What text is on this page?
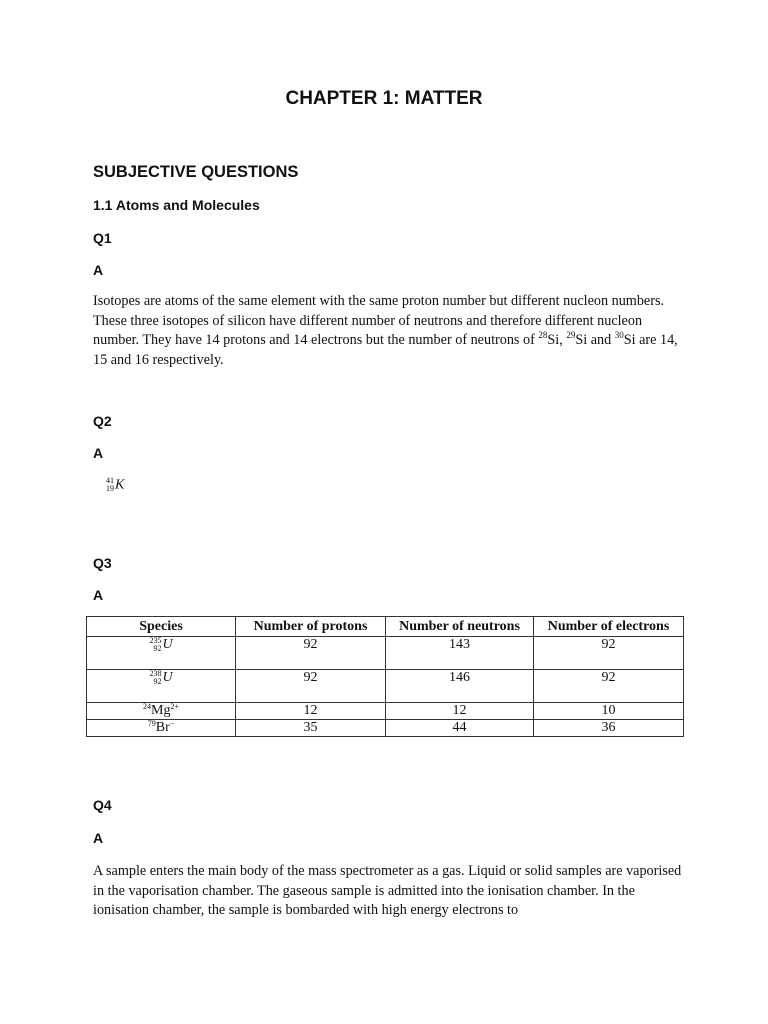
CHAPTER 1: MATTER
SUBJECTIVE QUESTIONS
1.1 Atoms and Molecules
Q1
A

Isotopes are atoms of the same element with the same proton number but different nucleon numbers. These three isotopes of silicon have different number of neutrons and therefore different nucleon number. They have 14 protons and 14 electrons but the number of neutrons of $^{28}$Si, $^{29}$Si and $^{30}$Si are 14, 15 and 16 respectively.

Q2
A
41
19 K
Q3
A
Species	Number of protons	Number of neutrons	Number of electrons

235
92 U	92	143	92

238
92 U	92	146	92
$^{24}Mg^{2+}$	12	12	10
$^{79}$Br−	35	44	36
Q4
A

A sample enters the main body of the mass spectrometer as a gas. Liquid or solid samples are vaporised in the vaporisation chamber. The gaseous sample is admitted into the ionisation chamber. In the ionisation chamber, the sample is bombarded with high energy electrons to
